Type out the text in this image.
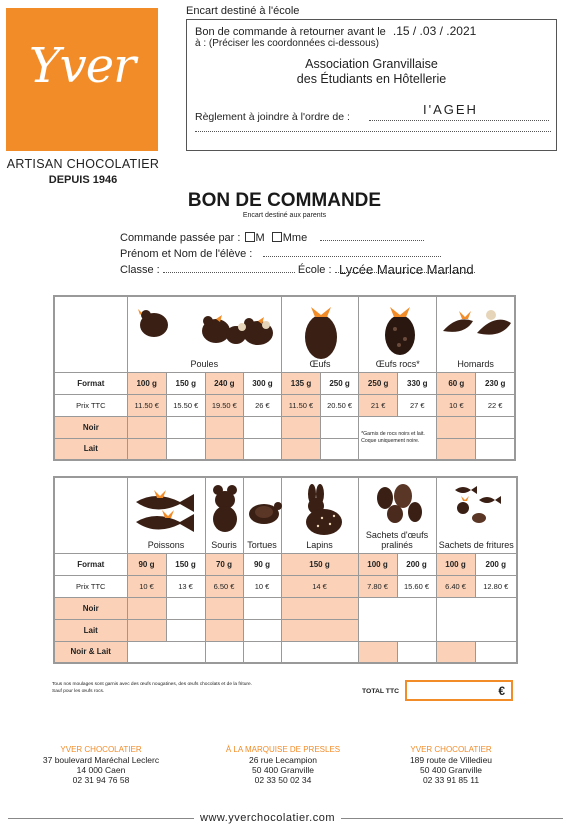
Yver
ARTISAN CHOCOLATIER
DEPUIS 1946
Encart destiné à l'école
Bon de commande à retourner avant le .15 / .03 / .2021
à : (Préciser les coordonnées ci-dessous)
Association Granvillaise
des Étudiants en Hôtellerie
Règlement à joindre à l'ordre de :	I'AGEH
BON DE COMMANDE
Encart destiné aux parents
Commande passée par : M Mme
Prénom et Nom de l'élève :
Classe :	École : Lycée Maurice Marland

	Poules				Œufs		Œufs rocs*		Homards	

Format	100 g	150 g	240 g	300 g	135 g	250 g	250 g	330 g	60 g	230 g
Prix TTC	11.50 €	15.50 €	19.50 €	26 €	11.50 €	20.50 €	21 €	27 €	10 €	22 €
Noir							*Garnis de rocs noirs et lait. Coque uniquement noire.			
Lait										

	Poissons		Souris	Tortues	Lapins	Sachets d'œufs pralinés		Sachets de fritures	

Format	90 g	150 g	70 g	90 g	150 g	100 g	200 g	100 g	200 g
Prix TTC	10 €	13 €	6.50 €	10 €	14 €	7.80 €	15.60 €	6.40 €	12.80 €
Noir									
Lait									
Noir & Lait									
Tous nos moulages sont garnis avec des œufs nougatines, des œufs chocolats et de la friture.
Sauf pour les œufs rocs.	TOTAL TTC	€
YVER CHOCOLATIER
37 boulevard Maréchal Leclerc
14 000 Caen
02 31 94 76 58
À LA MARQUISE DE PRESLES
26 rue Lecampion
50 400 Granville
02 33 50 02 34
YVER CHOCOLATIER
189 route de Villedieu
50 400 Granville
02 33 91 85 11
www.yverchocolatier.com
